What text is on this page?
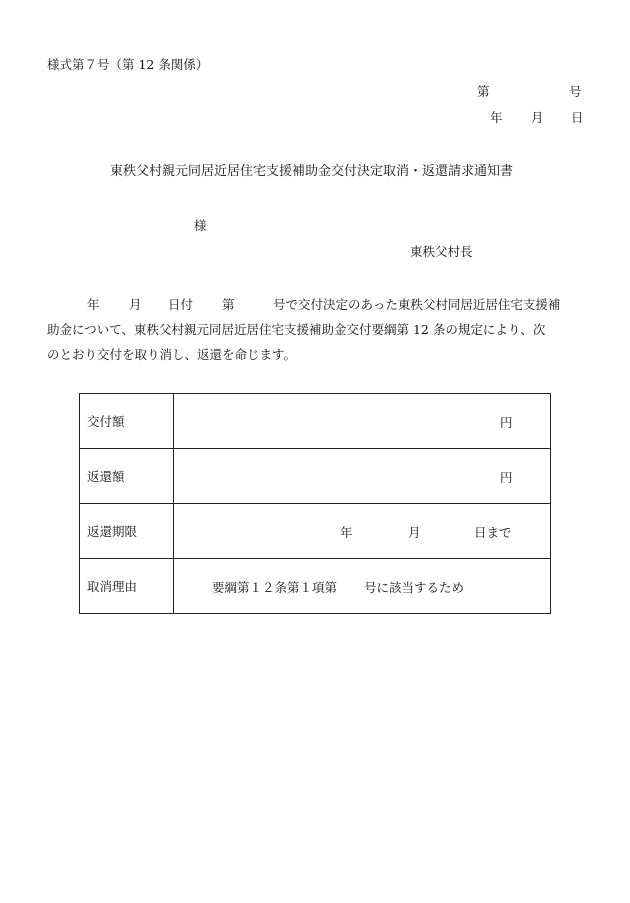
様式第７号（第 12 条関係）
第	号
年 月 日
東秩父村親元同居近居住宅支援補助金交付決定取消・返還請求通知書
様
東秩父村長
年 月 日付 第	号で交付決定のあった東秩父村同居近居住宅支援補
助金について、東秩父村親元同居近居住宅支援補助金交付要綱第 12 条の規定により、次
のとおり交付を取り消し、返還を命じます。
交付額	円

返還額	円

返還期限	年 月 日まで

取消理由	要綱第１２条第１項第 号に該当するため
